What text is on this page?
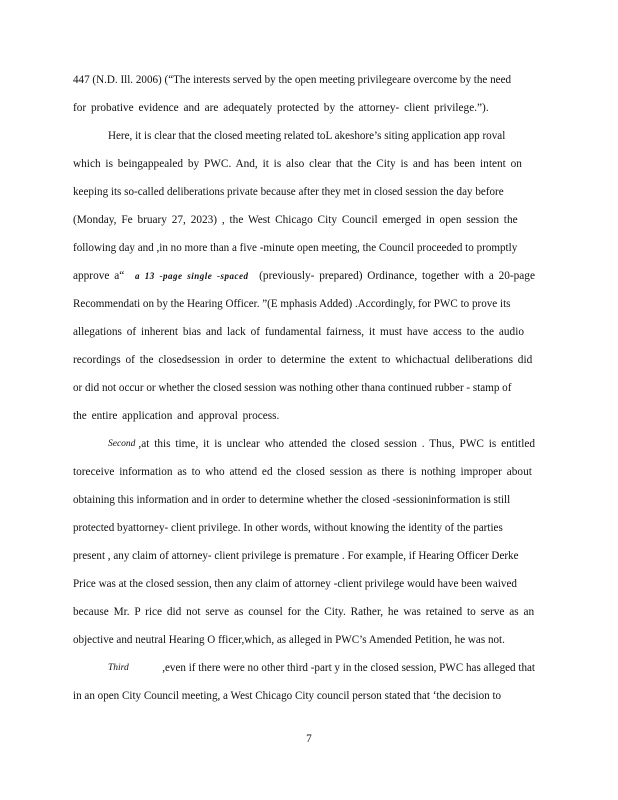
447 (N.D. Ill. 2006) (“The interests served by the open meeting privilegeare overcome by the need
for probative evidence and are adequately protected by the attorney- client privilege.”).
Here, it is clear that the closed meeting related toL akeshore’s siting application app roval
which is beingappealed by PWC. And, it is also clear that the City is and has been intent on
keeping its so-called deliberations private because after they met in closed session the day before
(Monday, Fe bruary 27, 2023) , the West Chicago City Council emerged in open session the
following day and ,in no more than a five -minute open meeting, the Council proceeded to promptly
approve a“ a 13 -page single -spaced (previously- prepared) Ordinance, together with a 20-page
Recommendati on by the Hearing Officer. ”(E mphasis Added) .Accordingly, for PWC to prove its
allegations of inherent bias and lack of fundamental fairness, it must have access to the audio
recordings of the closedsession in order to determine the extent to whichactual deliberations did
or did not occur or whether the closed session was nothing other thana continued rubber - stamp of
the entire application and approval process.
Second ,at this time, it is unclear who attended the closed session . Thus, PWC is entitled
toreceive information as to who attend ed the closed session as there is nothing improper about
obtaining this information and in order to determine whether the closed -sessioninformation is still
protected byattorney- client privilege. In other words, without knowing the identity of the parties
present , any claim of attorney- client privilege is premature . For example, if Hearing Officer Derke
Price was at the closed session, then any claim of attorney -client privilege would have been waived
because Mr. P rice did not serve as counsel for the City. Rather, he was retained to serve as an
objective and neutral Hearing O fficer,which, as alleged in PWC’s Amended Petition, he was not.
Third	,even if there were no other third -part y in the closed session, PWC has alleged that
in an open City Council meeting, a West Chicago City council person stated that ‘the decision to
7
